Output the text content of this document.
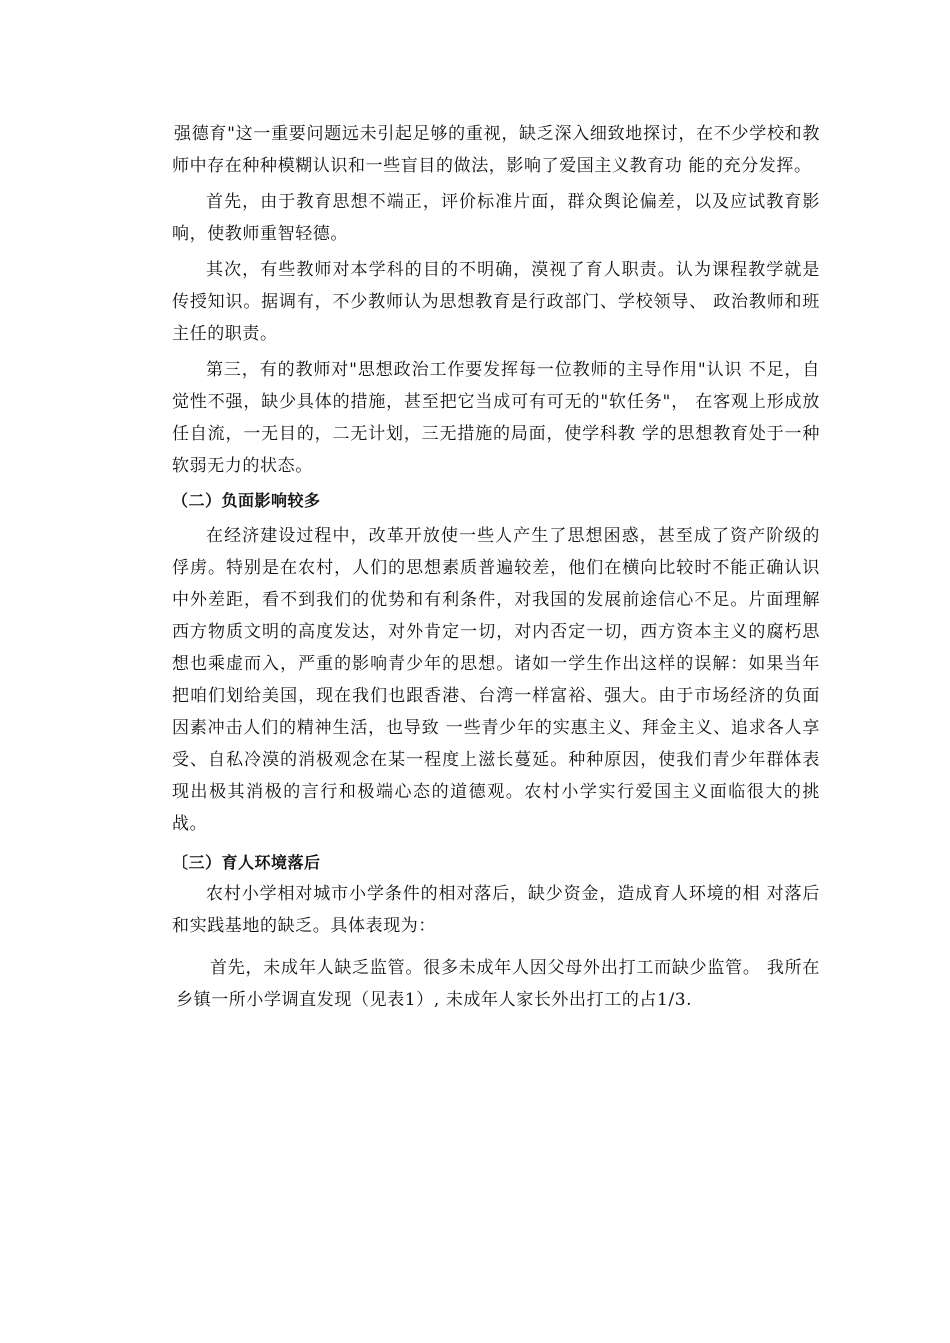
强德育"这一重要问题远未引起足够的重视，缺乏深入细致地探讨，在不少学校和教师中存在种种模糊认识和一些盲目的做法，影响了爱国主义教育功 能的充分发挥。

首先，由于教育思想不端正，评价标准片面，群众舆论偏差，以及应试教育影响，使教师重智轻德。

其次，有些教师对本学科的目的不明确，漠视了育人职责。认为课程教学就是传授知识。据调有，不少教师认为思想教育是行政部门、学校领导、 政治教师和班主任的职责。

第三，有的教师对"思想政治工作要发挥每一位教师的主导作用"认识 不足，自觉性不强，缺少具体的措施，甚至把它当成可有可无的"软任务"， 在客观上形成放任自流，一无目的，二无计划，三无措施的局面，使学科教 学的思想教育处于一种软弱无力的状态。

（二）负面影响较多

在经济建设过程中，改革开放使一些人产生了思想困惑，甚至成了资产阶级的俘虏。特别是在农村，人们的思想素质普遍较差，他们在横向比较时不能正确认识中外差距，看不到我们的优势和有利条件，对我国的发展前途信心不足。片面理解西方物质文明的高度发达，对外肯定一切，对内否定一切，西方资本主义的腐朽思想也乘虚而入，严重的影响青少年的思想。诸如一学生作出这样的误解：如果当年把咱们划给美国，现在我们也跟香港、台湾一样富裕、强大。由于市场经济的负面因素冲击人们的精神生活，也导致 一些青少年的实惠主义、拜金主义、追求各人享受、自私冷漠的消极观念在某一程度上滋长蔓延。种种原因，使我们青少年群体表现出极其消极的言行和极端心态的道德观。农村小学实行爱国主义面临很大的挑战。

〔三）育人环境落后

农村小学相对城市小学条件的相对落后，缺少资金，造成育人环境的相 对落后和实践基地的缺乏。具体表现为：

首先，未成年人缺乏监管。很多未成年人因父母外出打工而缺少监管。 我所在乡镇一所小学调直发现（见表1）, 未成年人家长外出打工的占1/3.
